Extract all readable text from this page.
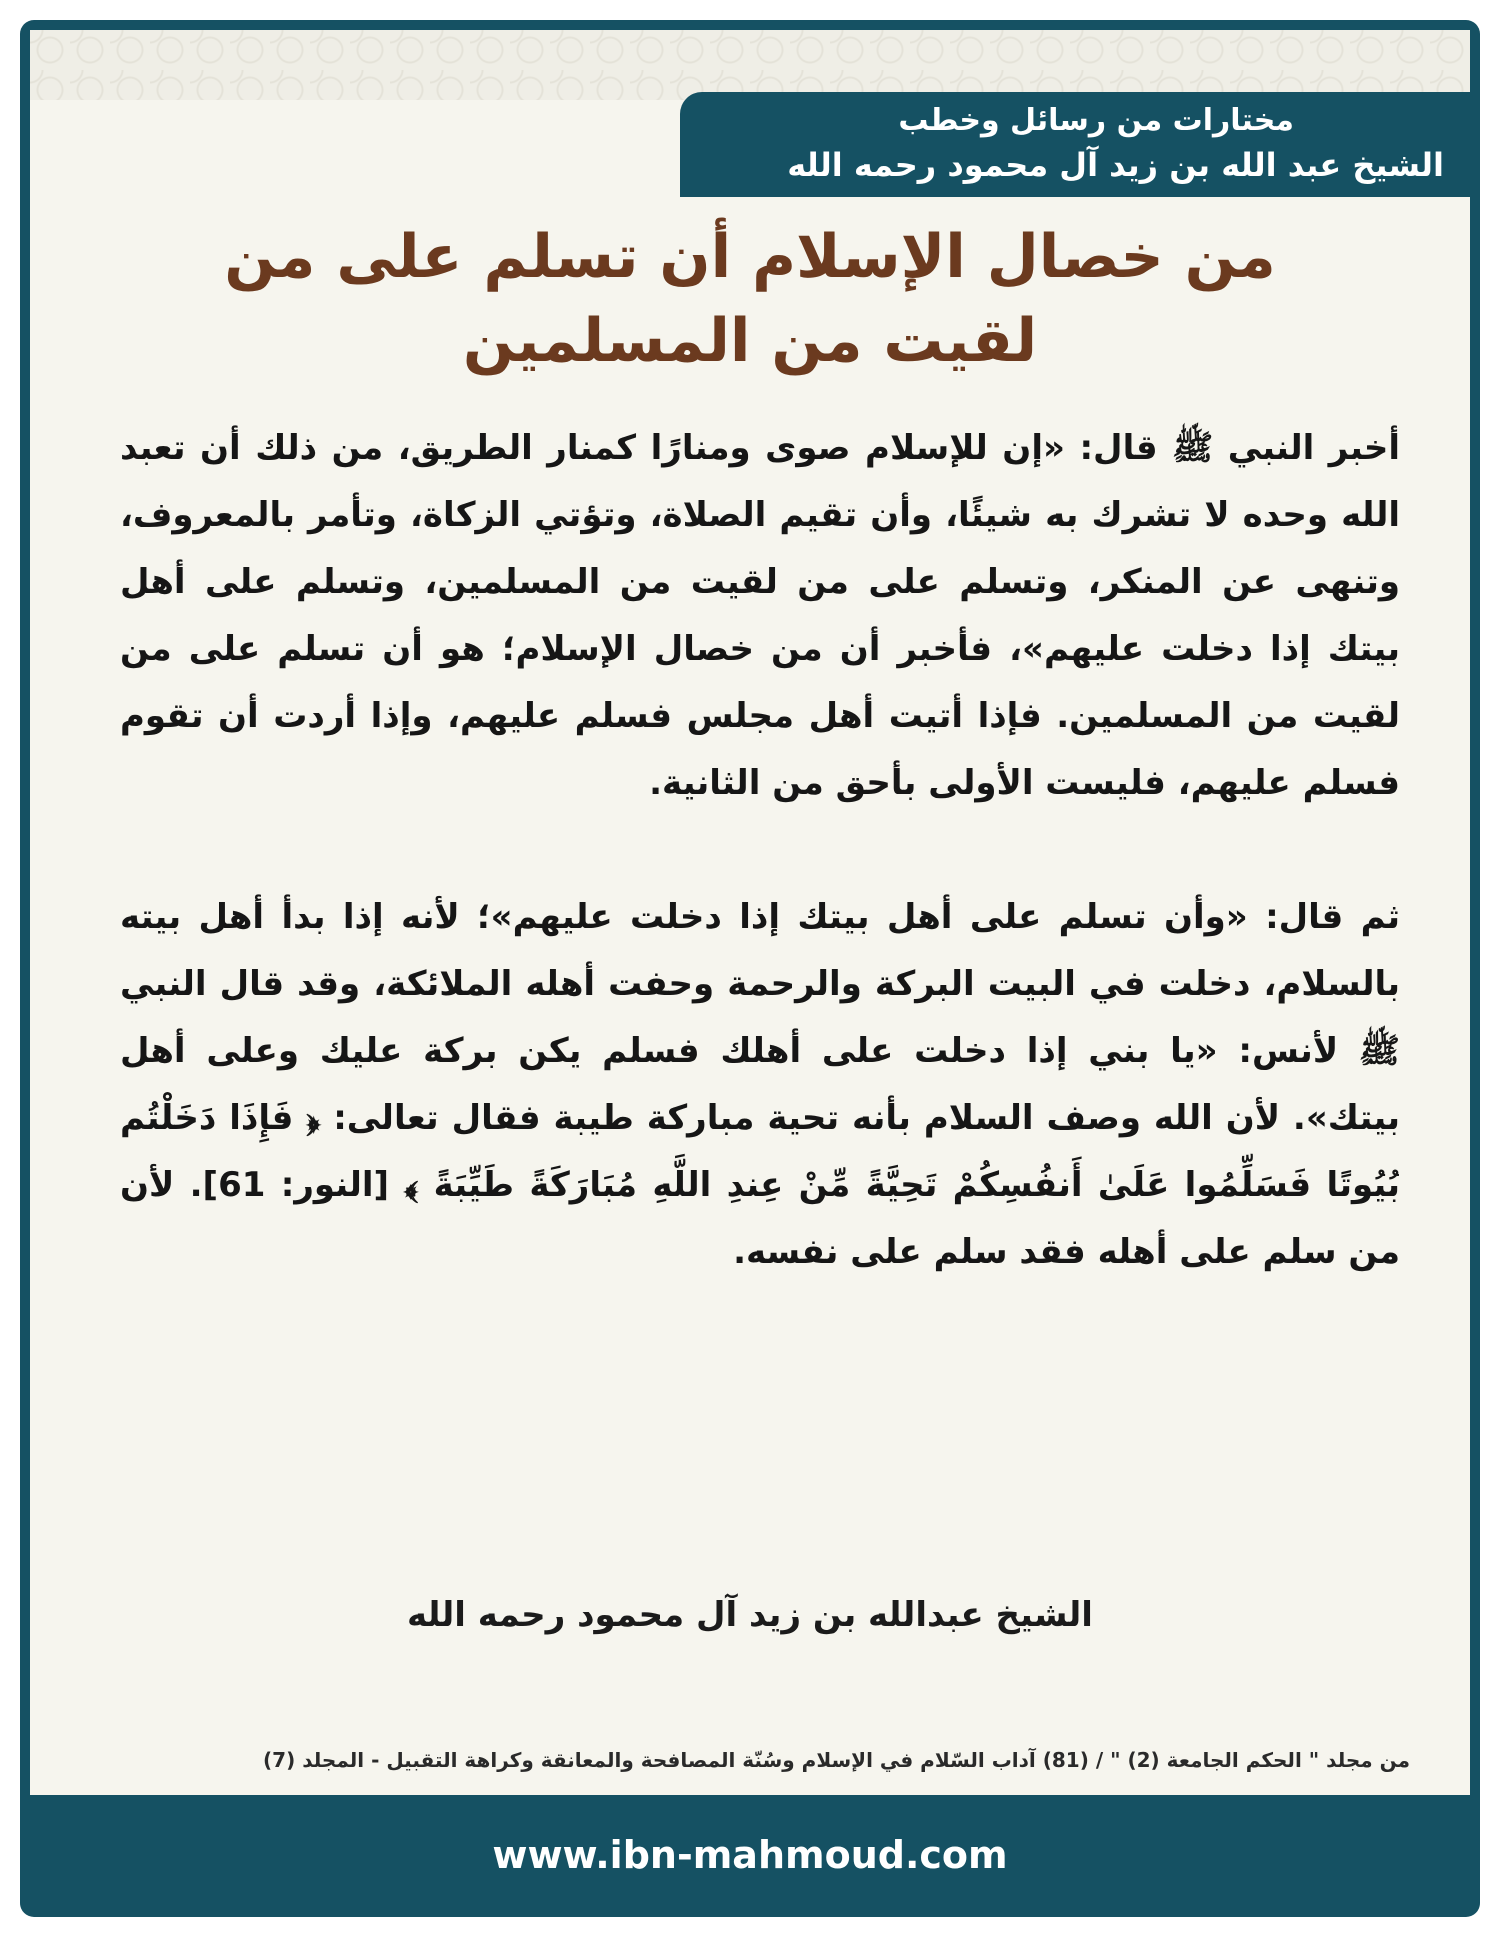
مختارات من رسائل وخطب
الشيخ عبد الله بن زيد آل محمود رحمه الله
من خصال الإسلام أن تسلم على من لقيت من المسلمين

أخبر النبي ﷺ قال: «إن للإسلام صوى ومنارًا كمنار الطريق، من ذلك أن تعبد الله وحده لا تشرك به شيئًا، وأن تقيم الصلاة، وتؤتي الزكاة، وتأمر بالمعروف، وتنهى عن المنكر، وتسلم على من لقيت من المسلمين، وتسلم على أهل بيتك إذا دخلت عليهم»، فأخبر أن من خصال الإسلام؛ هو أن تسلم على من لقيت من المسلمين. فإذا أتيت أهل مجلس فسلم عليهم، وإذا أردت أن تقوم فسلم عليهم، فليست الأولى بأحق من الثانية.

ثم قال: «وأن تسلم على أهل بيتك إذا دخلت عليهم»؛ لأنه إذا بدأ أهل بيته بالسلام، دخلت في البيت البركة والرحمة وحفت أهله الملائكة، وقد قال النبي ﷺ لأنس: «يا بني إذا دخلت على أهلك فسلم يكن بركة عليك وعلى أهل بيتك». لأن الله وصف السلام بأنه تحية مباركة طيبة فقال تعالى: ﴿ فَإِذَا دَخَلْتُم بُيُوتًا فَسَلِّمُوا عَلَىٰ أَنفُسِكُمْ تَحِيَّةً مِّنْ عِندِ اللَّهِ مُبَارَكَةً طَيِّبَةً ﴾ [النور: 61]. لأن من سلم على أهله فقد سلم على نفسه.

الشيخ عبدالله بن زيد آل محمود رحمه الله
من مجلد " الحكم الجامعة (2) " / (81) آداب السّلام في الإسلام وسُنّة المصافحة والمعانقة وكراهة التقبيل - المجلد (7)
www.ibn-mahmoud.com
